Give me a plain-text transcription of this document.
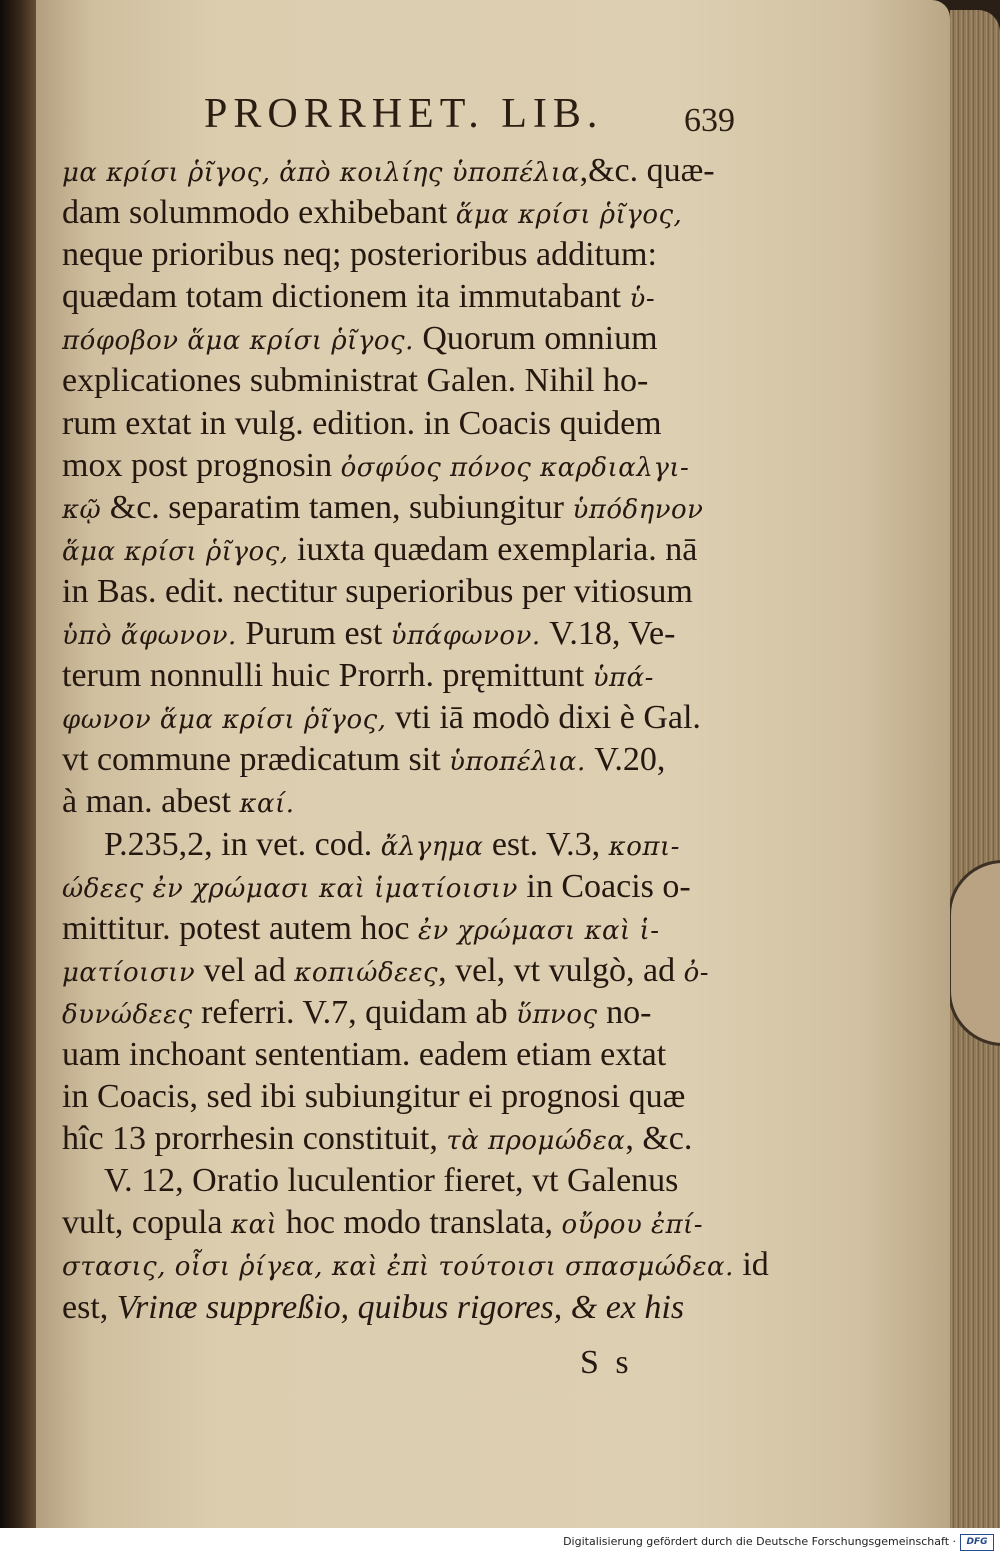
PRORRHET. LIB. 639
μα κρίσι ῥῖγος, ἀπὸ κοιλίης ὑποπέλια,&c. quæ-
dam solummodo exhibebant ἅμα κρίσι ῥῖγος,
neque prioribus neq; posterioribus additum:
quædam totam dictionem ita immutabant ὑ-
πόφοβον ἅμα κρίσι ῥῖγος. Quorum omnium
explicationes subministrat Galen. Nihil ho-
rum extat in vulg. edition. in Coacis quidem
mox post prognosin ὀσφύος πόνος καρδιαλγι-
κῷ &c. separatim tamen, subiungitur ὑπόδηνον
ἅμα κρίσι ῥῖγος, iuxta quædam exemplaria. nā
in Bas. edit. nectitur superioribus per vitiosum
ὑπὸ ἄφωνον. Purum est ὑπάφωνον. V.18, Ve-
terum nonnulli huic Prorrh. pręmittunt ὑπά-
φωνον ἅμα κρίσι ῥῖγος, vti iā modò dixi è Gal.
vt commune prædicatum sit ὑποπέλια. V.20,
à man. abest καί.
P.235,2, in vet. cod. ἄλγημα est. V.3, κοπι-
ώδεες ἐν χρώμασι καὶ ἱματίοισιν in Coacis o-
mittitur. potest autem hoc ἐν χρώμασι καὶ ἱ-
ματίοισιν vel ad κοπιώδεες, vel, vt vulgò, ad ὀ-
δυνώδεες referri. V.7, quidam ab ὕπνος no-
uam inchoant sententiam. eadem etiam extat
in Coacis, sed ibi subiungitur ei prognosi quæ
hîc 13 prorrhesin constituit, τὰ προμώδεα, &c.
V. 12, Oratio luculentior fieret, vt Galenus
vult, copula καὶ hoc modo translata, οὔρου ἐπί-
στασις, οἷσι ῥίγεα, καὶ ἐπὶ τούτοισι σπασμώδεα. id
est, Vrinæ suppreßio, quibus rigores, & ex his
S s
Digitalisierung gefördert durch die Deutsche Forschungsgemeinschaft ·	DFG
